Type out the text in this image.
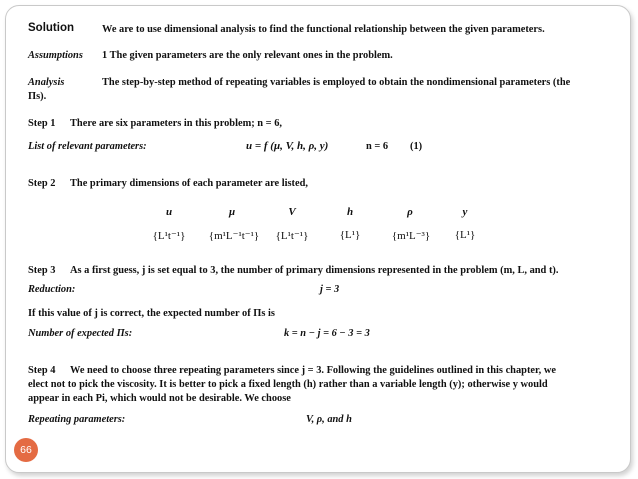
Solution	We are to use dimensional analysis to find the functional relationship between the given parameters.
Assumptions 1 The given parameters are the only relevant ones in the problem.
Analysis	The step-by-step method of repeating variables is employed to obtain the nondimensional parameters (the
Πs).
Step 1 There are six parameters in this problem; n = 6,
List of relevant parameters:	u = f (μ, V, h, ρ, y)	n = 6 (1)
Step 2 The primary dimensions of each parameter are listed,
u	μ	V	h	ρ	y
{L¹t⁻¹}	{m¹L⁻¹t⁻¹}	{L¹t⁻¹}	{L¹}	{m¹L⁻³}	{L¹}
Step 3 As a first guess, j is set equal to 3, the number of primary dimensions represented in the problem (m, L, and t).
Reduction:	j = 3
If this value of j is correct, the expected number of Πs is
Number of expected Πs:	k = n − j = 6 − 3 = 3
Step 4 We need to choose three repeating parameters since j = 3. Following the guidelines outlined in this chapter, we
elect not to pick the viscosity. It is better to pick a fixed length (h) rather than a variable length (y); otherwise y would
appear in each Pi, which would not be desirable. We choose
Repeating parameters:	V, ρ, and h
66
